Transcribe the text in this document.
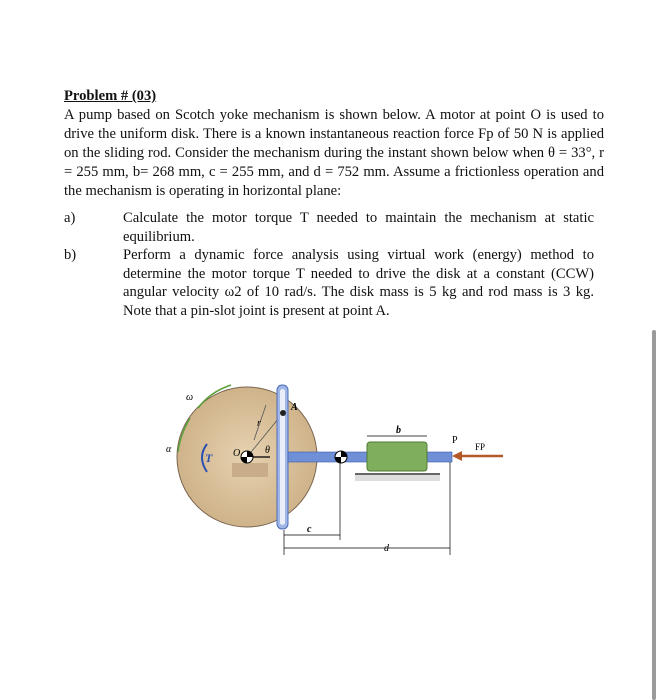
Problem # (03)
A pump based on Scotch yoke mechanism is shown below. A motor at point O is used to drive the uniform disk. There is a known instantaneous reaction force Fp of 50 N is applied on the sliding rod. Consider the mechanism during the instant shown below when θ = 33°, r = 255 mm, b= 268 mm, c = 255 mm, and d = 752 mm. Assume a frictionless operation and the mechanism is operating in horizontal plane:
a)	Calculate the motor torque T needed to maintain the mechanism at static equilibrium.
b)	Perform a dynamic force analysis using virtual work (energy) method to determine the motor torque T needed to drive the disk at a constant (CCW) angular velocity ω2 of 10 rad/s. The disk mass is 5 kg and rod mass is 3 kg. Note that a pin-slot joint is present at point A.
ω
α
T O θ
r
A
b
P
FP
c
d
